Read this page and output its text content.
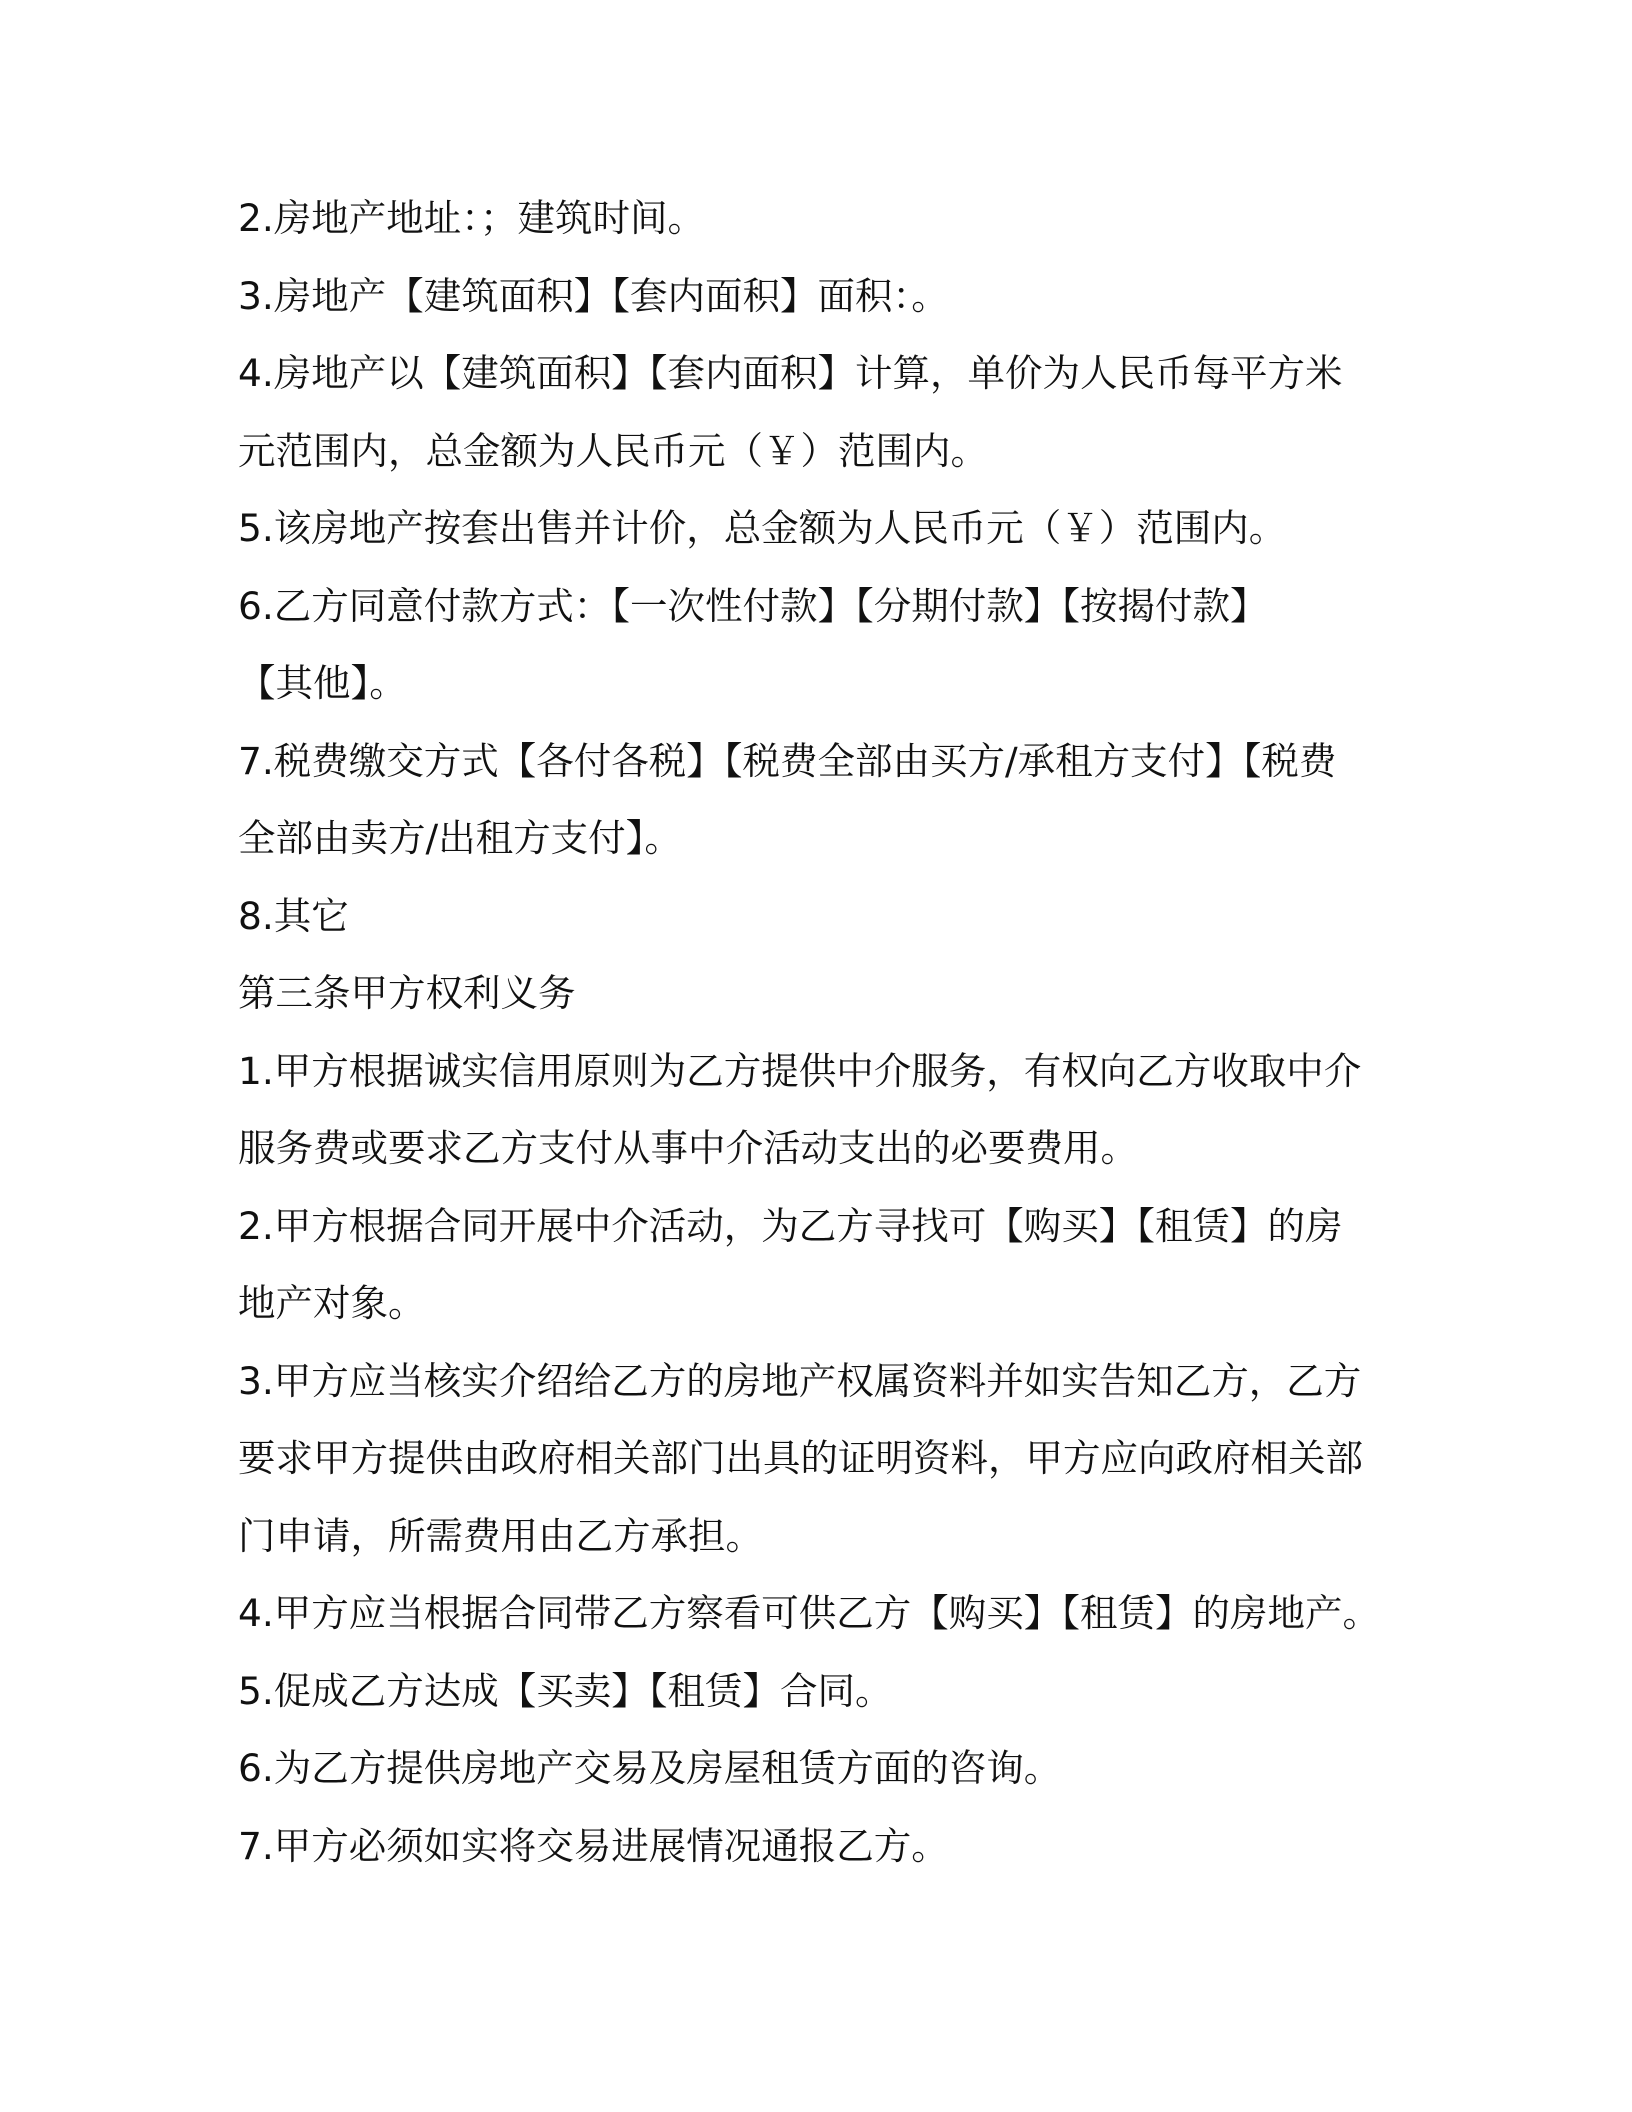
2.房地产地址：；建筑时间。

3.房地产【建筑面积】【套内面积】面积：。

4.房地产以【建筑面积】【套内面积】计算，单价为人民币每平方米

元范围内，总金额为人民币元（￥）范围内。

5.该房地产按套出售并计价，总金额为人民币元（￥）范围内。

6.乙方同意付款方式：【一次性付款】【分期付款】【按揭付款】

【其他】。

7.税费缴交方式【各付各税】【税费全部由买方/承租方支付】【税费

全部由卖方/出租方支付】。

8.其它

第三条甲方权利义务

1.甲方根据诚实信用原则为乙方提供中介服务，有权向乙方收取中介

服务费或要求乙方支付从事中介活动支出的必要费用。

2.甲方根据合同开展中介活动，为乙方寻找可【购买】【租赁】的房

地产对象。

3.甲方应当核实介绍给乙方的房地产权属资料并如实告知乙方，乙方

要求甲方提供由政府相关部门出具的证明资料，甲方应向政府相关部

门申请，所需费用由乙方承担。

4.甲方应当根据合同带乙方察看可供乙方【购买】【租赁】的房地产。

5.促成乙方达成【买卖】【租赁】合同。

6.为乙方提供房地产交易及房屋租赁方面的咨询。

7.甲方必须如实将交易进展情况通报乙方。
